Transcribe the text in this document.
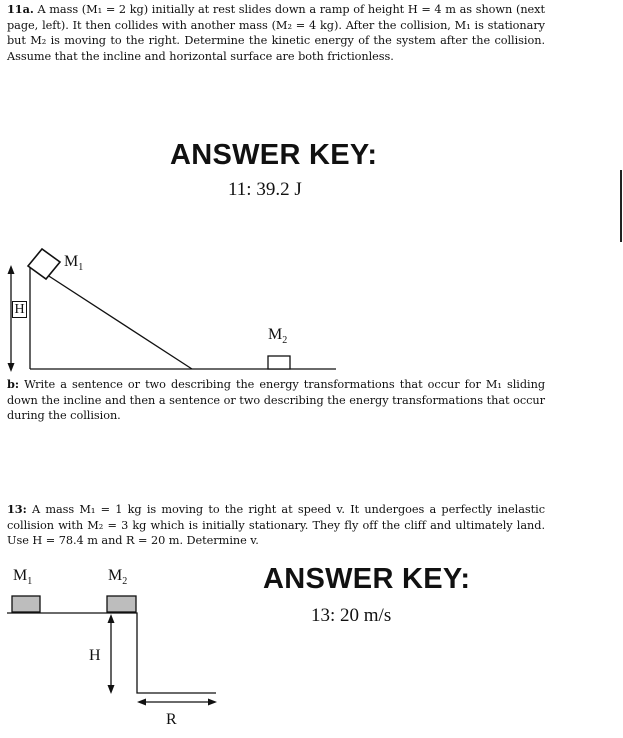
11a. A mass (M₁ = 2 kg) initially at rest slides down a ramp of height H = 4 m as shown (next page, left). It then collides with another mass (M₂ = 4 kg). After the collision, M₁ is stationary but M₂ is moving to the right. Determine the kinetic energy of the system after the collision. Assume that the incline and horizontal surface are both frictionless.
ANSWER KEY:
11: 39.2 J
H
$M_1$
$M_2$
b: Write a sentence or two describing the energy transformations that occur for M₁ sliding down the incline and then a sentence or two describing the energy transformations that occur during the collision.
13: A mass M₁ = 1 kg is moving to the right at speed v. It undergoes a perfectly inelastic collision with M₂ = 3 kg which is initially stationary. They fly off the cliff and ultimately land. Use H = 78.4 m and R = 20 m. Determine v.
$M_1$	$M_2$
H
R
ANSWER KEY:
13: 20 m/s
